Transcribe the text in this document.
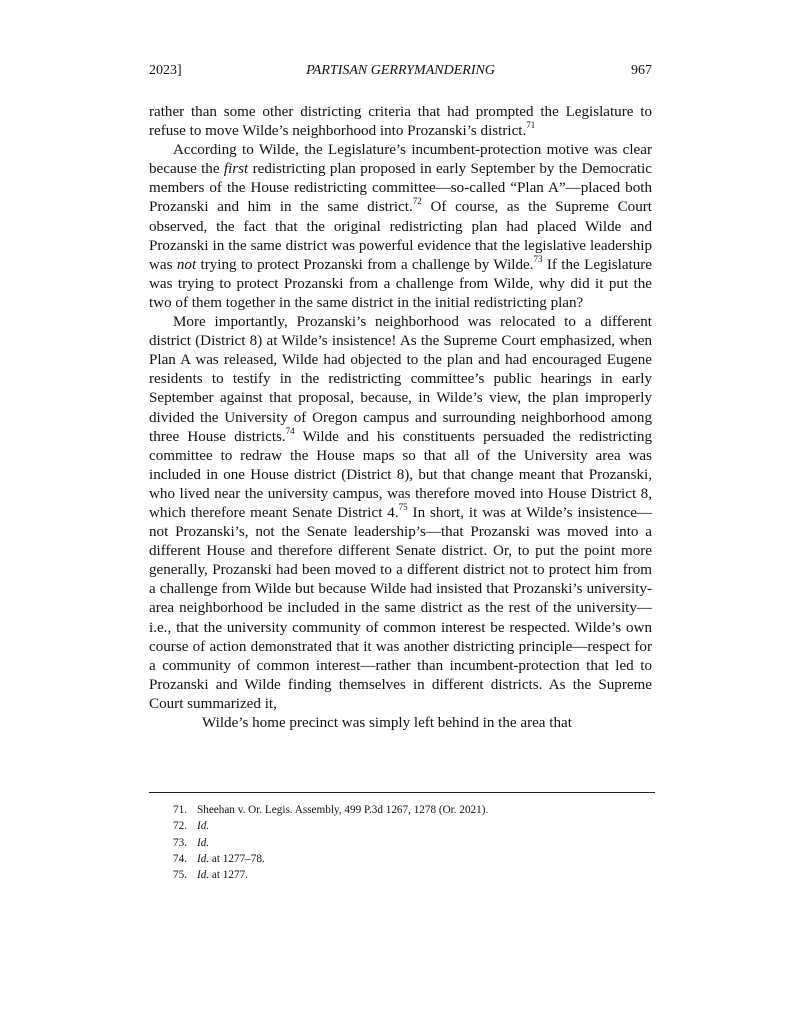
2023]	PARTISAN GERRYMANDERING	967

rather than some other districting criteria that had prompted the Legislature to refuse to move Wilde’s neighborhood into Prozanski’s district.$^{71}$

According to Wilde, the Legislature’s incumbent-protection motive was clear because the first redistricting plan proposed in early September by the Democratic members of the House redistricting committee—so-called “Plan A”—placed both Prozanski and him in the same district.$^{72}$ Of course, as the Supreme Court observed, the fact that the original redistricting plan had placed Wilde and Prozanski in the same district was powerful evidence that the legislative leadership was not trying to protect Prozanski from a challenge by Wilde.$^{73}$ If the Legislature was trying to protect Prozanski from a challenge from Wilde, why did it put the two of them together in the same district in the initial redistricting plan?

More importantly, Prozanski’s neighborhood was relocated to a different district (District 8) at Wilde’s insistence! As the Supreme Court emphasized, when Plan A was released, Wilde had objected to the plan and had encouraged Eugene residents to testify in the redistricting committee’s public hearings in early September against that proposal, because, in Wilde’s view, the plan improperly divided the University of Oregon campus and surrounding neighborhood among three House districts.$^{74}$ Wilde and his constituents persuaded the redistricting committee to redraw the House maps so that all of the University area was included in one House district (District 8), but that change meant that Prozanski, who lived near the university campus, was therefore moved into House District 8, which therefore meant Senate District 4.75 In short, it was at Wilde’s insistence—not Prozanski’s, not the Senate leadership’s—that Prozanski was moved into a different House and therefore different Senate district. Or, to put the point more generally, Prozanski had been moved to a different district not to protect him from a challenge from Wilde but because Wilde had insisted that Prozanski’s university-area neighborhood be included in the same district as the rest of the university—i.e., that the university community of common interest be respected. Wilde’s own course of action demonstrated that it was another districting principle—respect for a community of common interest—rather than incumbent-protection that led to Prozanski and Wilde finding themselves in different districts. As the Supreme Court summarized it,

Wilde’s home precinct was simply left behind in the area that

71. Sheehan v. Or. Legis. Assembly, 499 P.3d 1267, 1278 (Or. 2021).
72. Id.
73. Id.
74. Id. at 1277–78.
75. Id. at 1277.
